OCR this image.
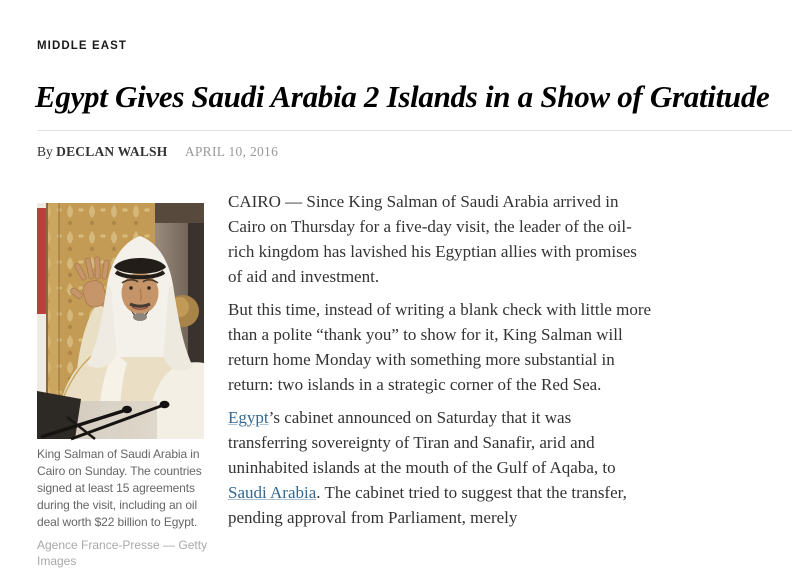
MIDDLE EAST
Egypt Gives Saudi Arabia 2 Islands in a Show of Gratitude
By DECLAN WALSH APRIL 10, 2016
King Salman of Saudi Arabia in
Cairo on Sunday. The countries
signed at least 15 agreements
during the visit, including an oil
deal worth $22 billion to Egypt.
Agence France-Presse — Getty
Images

CAIRO — Since King Salman of Saudi Arabia arrived in Cairo on Thursday for a five-day visit, the leader of the oil-rich kingdom has lavished his Egyptian allies with promises of aid and investment.

But this time, instead of writing a blank check with little more than a polite “thank you” to show for it, King Salman will return home Monday with something more substantial in return: two islands in a strategic corner of the Red Sea.

Egypt’s cabinet announced on Saturday that it was transferring sovereignty of Tiran and Sanafir, arid and uninhabited islands at the mouth of the Gulf of Aqaba, to Saudi Arabia. The cabinet tried to suggest that the transfer, pending approval from Parliament, merely
